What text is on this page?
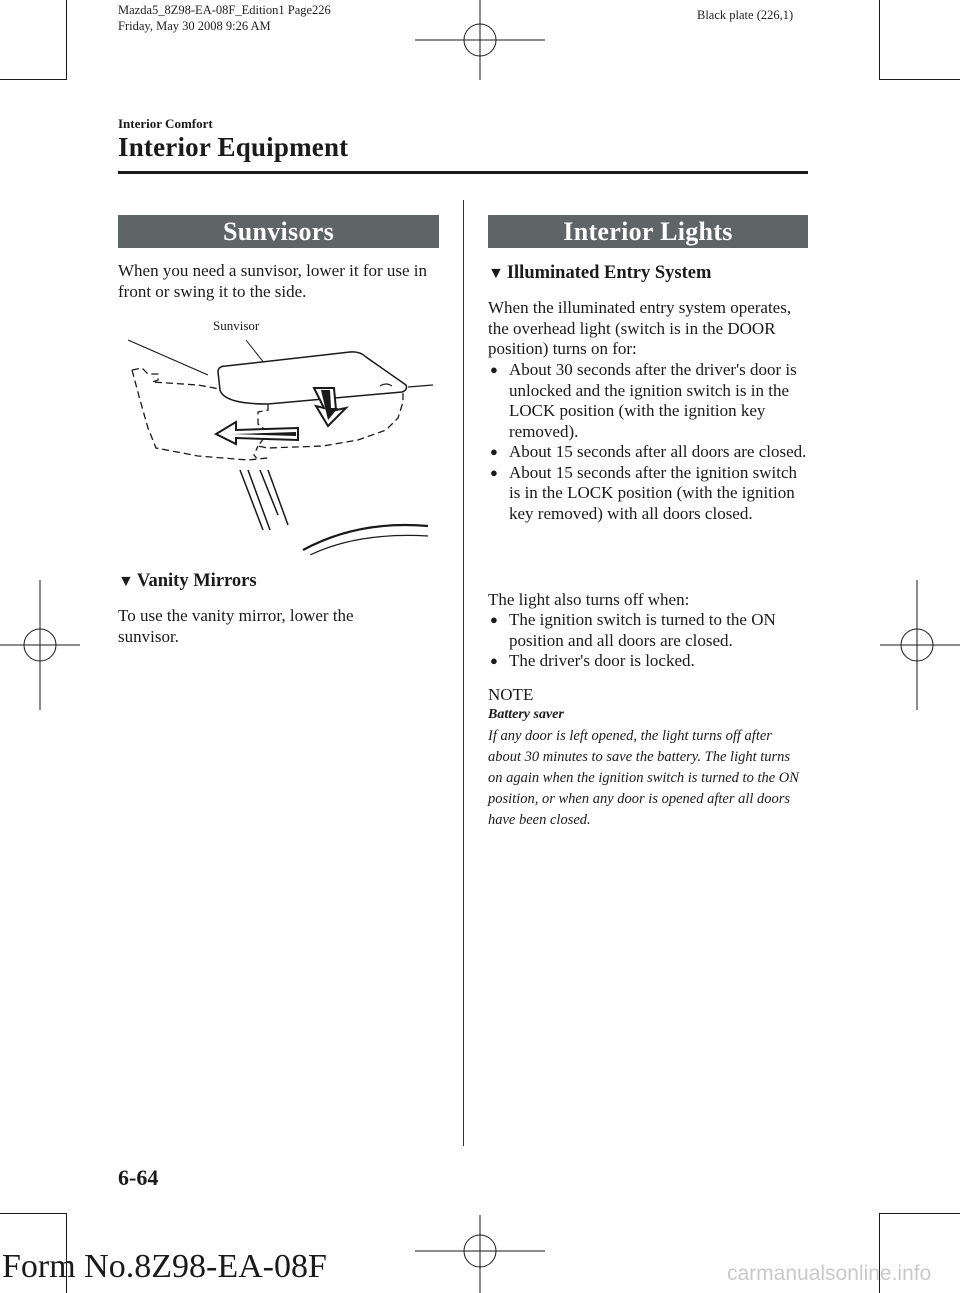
Mazda5_8Z98-EA-08F_Edition1 Page226
Friday, May 30 2008 9:26 AM
Black plate (226,1)
Interior Comfort
Interior Equipment
Sunvisors
When you need a sunvisor, lower it for use in front or swing it to the side.
Sunvisor
▼ Vanity Mirrors
To use the vanity mirror, lower the sunvisor.
Interior Lights
▼ Illuminated Entry System
When the illuminated entry system operates, the overhead light (switch is in the DOOR position) turns on for:
● About 30 seconds after the driver's door is unlocked and the ignition switch is in the LOCK position (with the ignition key removed).
● About 15 seconds after all doors are closed.
● About 15 seconds after the ignition switch is in the LOCK position (with the ignition key removed) with all doors closed.
The light also turns off when:
● The ignition switch is turned to the ON position and all doors are closed.
● The driver's door is locked.
NOTE
Battery saver
If any door is left opened, the light turns off after about 30 minutes to save the battery. The light turns on again when the ignition switch is turned to the ON position, or when any door is opened after all doors have been closed.
6-64
Form No.8Z98-EA-08F	carmanualsonline.info
